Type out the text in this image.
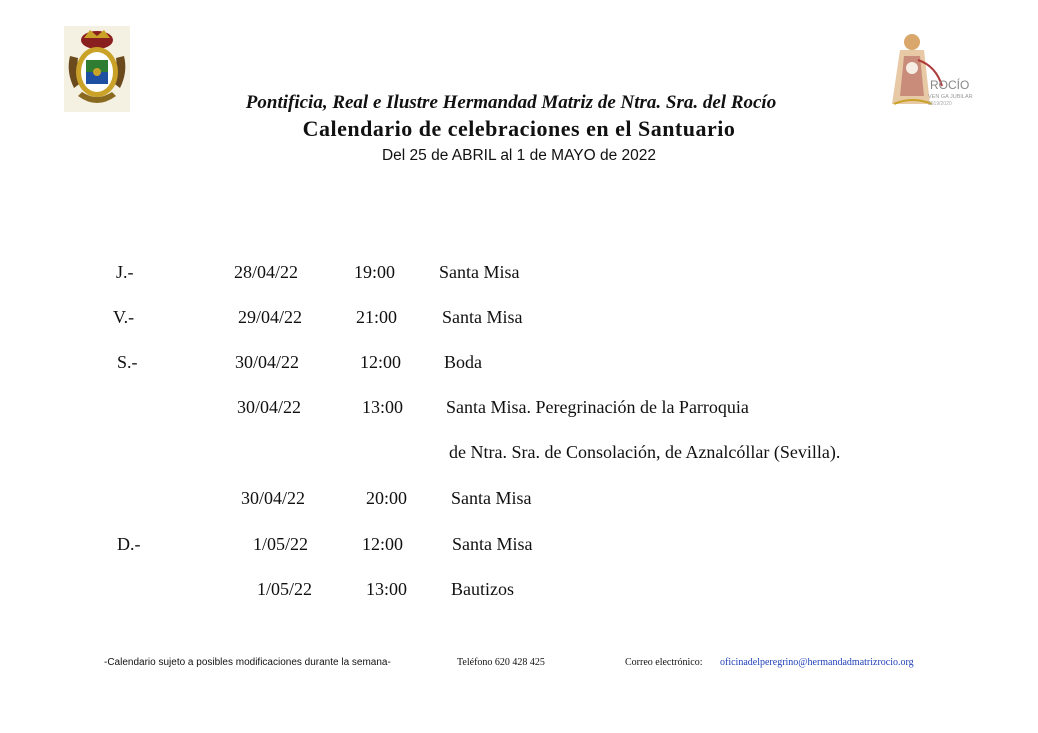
ROCÍO
VEN GA JUBILAR
2019/2020
Pontificia, Real e Ilustre Hermandad Matriz de Ntra. Sra. del Rocío
Calendario de celebraciones en el Santuario
Del 25 de ABRIL al 1 de MAYO de 2022
J.-	28/04/22	19:00 Santa Misa
V.-	29/04/22	21:00 Santa Misa
S.-	30/04/22	12:00 Boda
30/04/22	13:00 Santa Misa. Peregrinación de la Parroquia
de Ntra. Sra. de Consolación, de Aznalcóllar (Sevilla).
30/04/22	20:00 Santa Misa
D.-	1/05/22	12:00	Santa Misa
1/05/22	13:00 Bautizos
-Calendario sujeto a posibles modificaciones durante la semana-	Teléfono 620 428 425	Correo electrónico: oficinadelperegrino@hermandadmatrizrocio.org
